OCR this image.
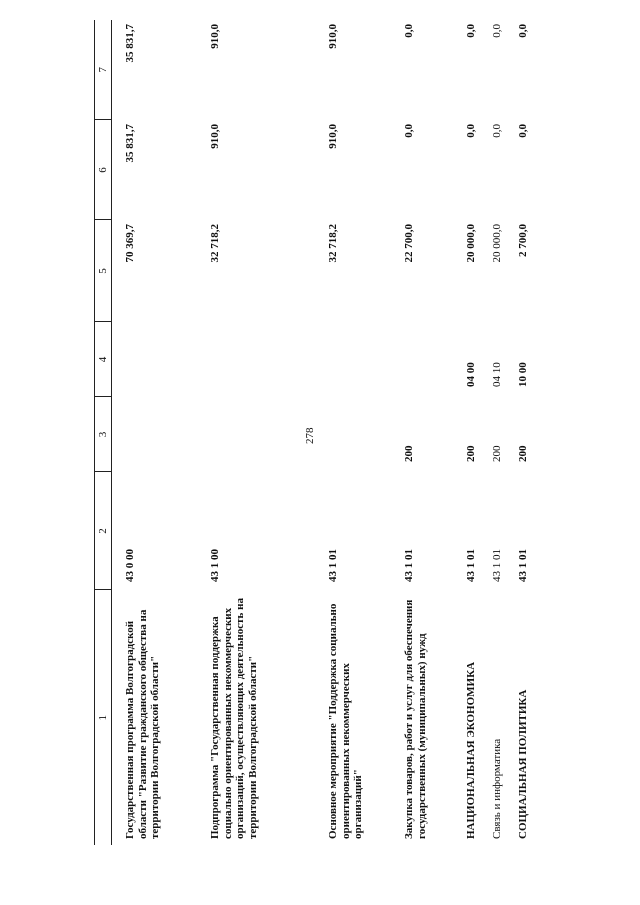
278
1	2	3	4	5	6	7
Государственная программа Волгоградской области "Развитие гражданского общества на территории Волгоградской области"	43 0 00			70 369,7	35 831,7	35 831,7
Подпрограмма "Государственная поддержка социально ориентированных некоммерческих организаций, осуществляющих деятельность на территории Волгоградской области"	43 1 00			32 718,2	910,0	910,0
Основное мероприятие "Поддержка социально ориентированных некоммерческих организаций"	43 1 01			32 718,2	910,0	910,0
Закупка товаров, работ и услуг для обеспечения государственных (муниципальных) нужд	43 1 01	200		22 700,0	0,0	0,0
НАЦИОНАЛЬНАЯ ЭКОНОМИКА	43 1 01	200	04 00	20 000,0	0,0	0,0
Связь и информатика	43 1 01	200	04 10	20 000,0	0,0	0,0
СОЦИАЛЬНАЯ ПОЛИТИКА	43 1 01	200	10 00	2 700,0	0,0	0,0
